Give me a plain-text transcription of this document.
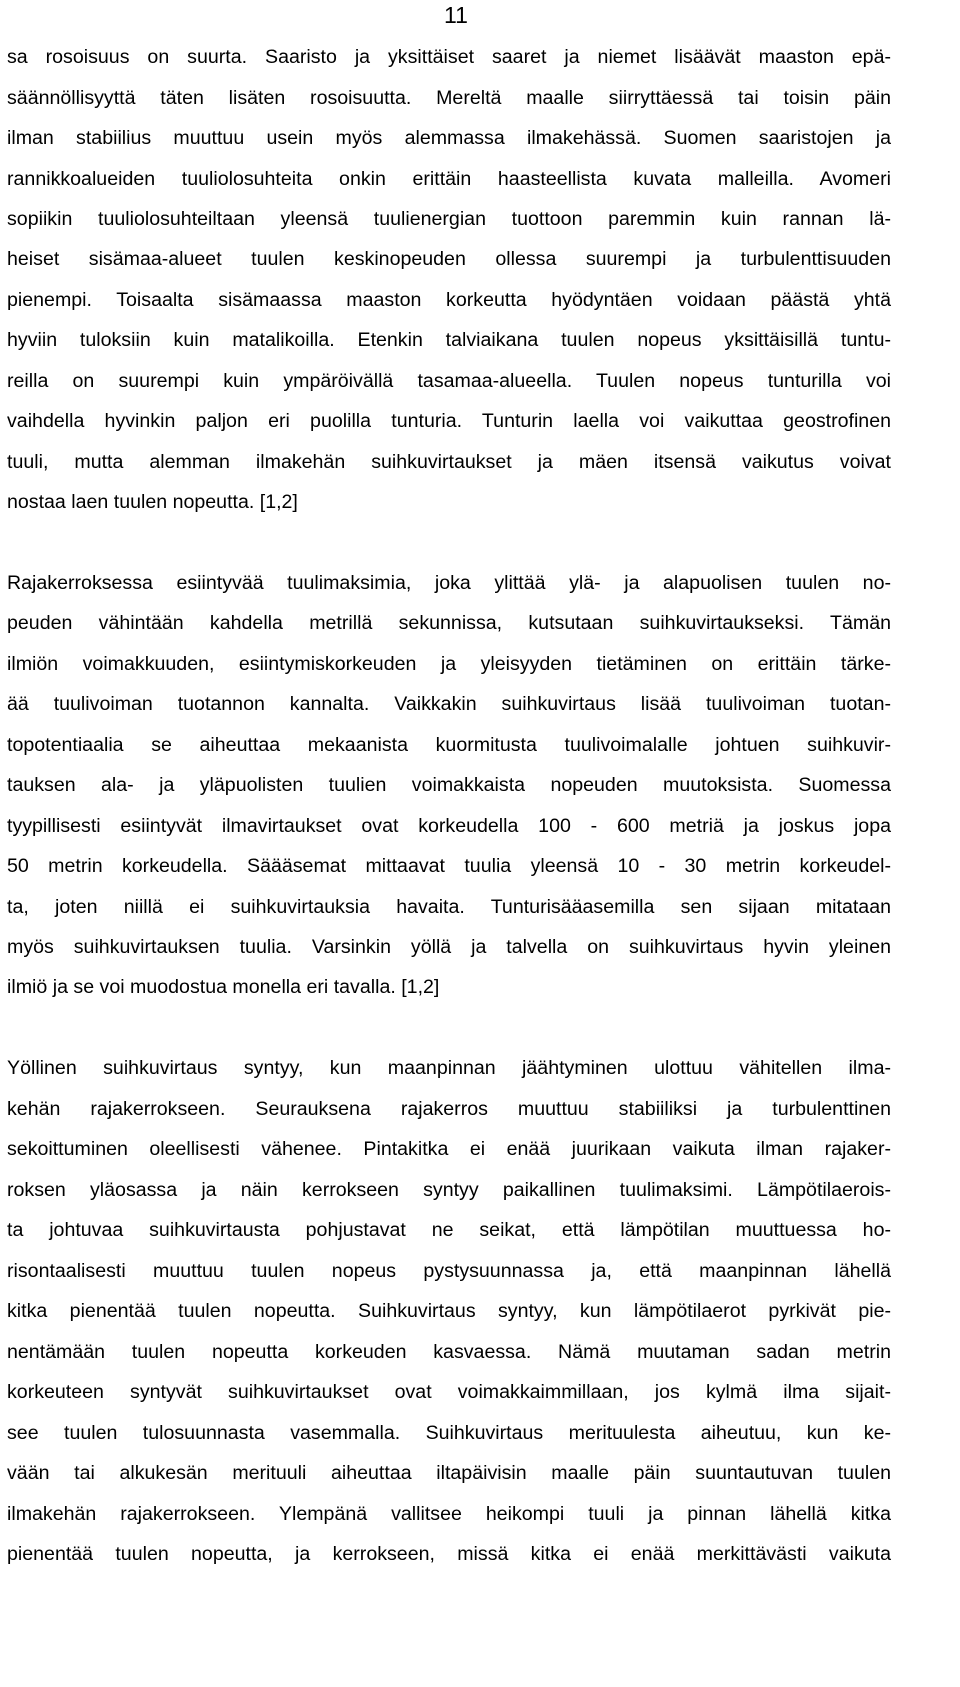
11
sa rosoisuus on suurta. Saaristo ja yksittäiset saaret ja niemet lisäävät maaston epä-
säännöllisyyttä täten lisäten rosoisuutta. Mereltä maalle siirryttäessä tai toisin päin
ilman stabiilius muuttuu usein myös alemmassa ilmakehässä. Suomen saaristojen ja
rannikkoalueiden tuuliolosuhteita onkin erittäin haasteellista kuvata malleilla. Avomeri
sopiikin tuuliolosuhteiltaan yleensä tuulienergian tuottoon paremmin kuin rannan lä-
heiset sisämaa-alueet tuulen keskinopeuden ollessa suurempi ja turbulenttisuuden
pienempi. Toisaalta sisämaassa maaston korkeutta hyödyntäen voidaan päästä yhtä
hyviin tuloksiin kuin matalikoilla. Etenkin talviaikana tuulen nopeus yksittäisillä tuntu-
reilla on suurempi kuin ympäröivällä tasamaa-alueella. Tuulen nopeus tunturilla voi
vaihdella hyvinkin paljon eri puolilla tunturia. Tunturin laella voi vaikuttaa geostrofinen
tuuli, mutta alemman ilmakehän suihkuvirtaukset ja mäen itsensä vaikutus voivat
nostaa laen tuulen nopeutta. [1,2]
Rajakerroksessa esiintyvää tuulimaksimia, joka ylittää ylä- ja alapuolisen tuulen no-
peuden vähintään kahdella metrillä sekunnissa, kutsutaan suihkuvirtaukseksi. Tämän
ilmiön voimakkuuden, esiintymiskorkeuden ja yleisyyden tietäminen on erittäin tärke-
ää tuulivoiman tuotannon kannalta. Vaikkakin suihkuvirtaus lisää tuulivoiman tuotan-
topotentiaalia se aiheuttaa mekaanista kuormitusta tuulivoimalalle johtuen suihkuvir-
tauksen ala- ja yläpuolisten tuulien voimakkaista nopeuden muutoksista. Suomessa
tyypillisesti esiintyvät ilmavirtaukset ovat korkeudella 100 - 600 metriä ja joskus jopa
50 metrin korkeudella. Säääsemat mittaavat tuulia yleensä 10 - 30 metrin korkeudel-
ta, joten niillä ei suihkuvirtauksia havaita. Tunturisääasemilla sen sijaan mitataan
myös suihkuvirtauksen tuulia. Varsinkin yöllä ja talvella on suihkuvirtaus hyvin yleinen
ilmiö ja se voi muodostua monella eri tavalla. [1,2]
Yöllinen suihkuvirtaus syntyy, kun maanpinnan jäähtyminen ulottuu vähitellen ilma-
kehän rajakerrokseen. Seurauksena rajakerros muuttuu stabiiliksi ja turbulenttinen
sekoittuminen oleellisesti vähenee. Pintakitka ei enää juurikaan vaikuta ilman rajaker-
roksen yläosassa ja näin kerrokseen syntyy paikallinen tuulimaksimi. Lämpötilaerois-
ta johtuvaa suihkuvirtausta pohjustavat ne seikat, että lämpötilan muuttuessa ho-
risontaalisesti muuttuu tuulen nopeus pystysuunnassa ja, että maanpinnan lähellä
kitka pienentää tuulen nopeutta. Suihkuvirtaus syntyy, kun lämpötilaerot pyrkivät pie-
nentämään tuulen nopeutta korkeuden kasvaessa. Nämä muutaman sadan metrin
korkeuteen syntyvät suihkuvirtaukset ovat voimakkaimmillaan, jos kylmä ilma sijait-
see tuulen tulosuunnasta vasemmalla. Suihkuvirtaus merituulesta aiheutuu, kun ke-
vään tai alkukesän merituuli aiheuttaa iltapäivisin maalle päin suuntautuvan tuulen
ilmakehän rajakerrokseen. Ylempänä vallitsee heikompi tuuli ja pinnan lähellä kitka
pienentää tuulen nopeutta, ja kerrokseen, missä kitka ei enää merkittävästi vaikuta
